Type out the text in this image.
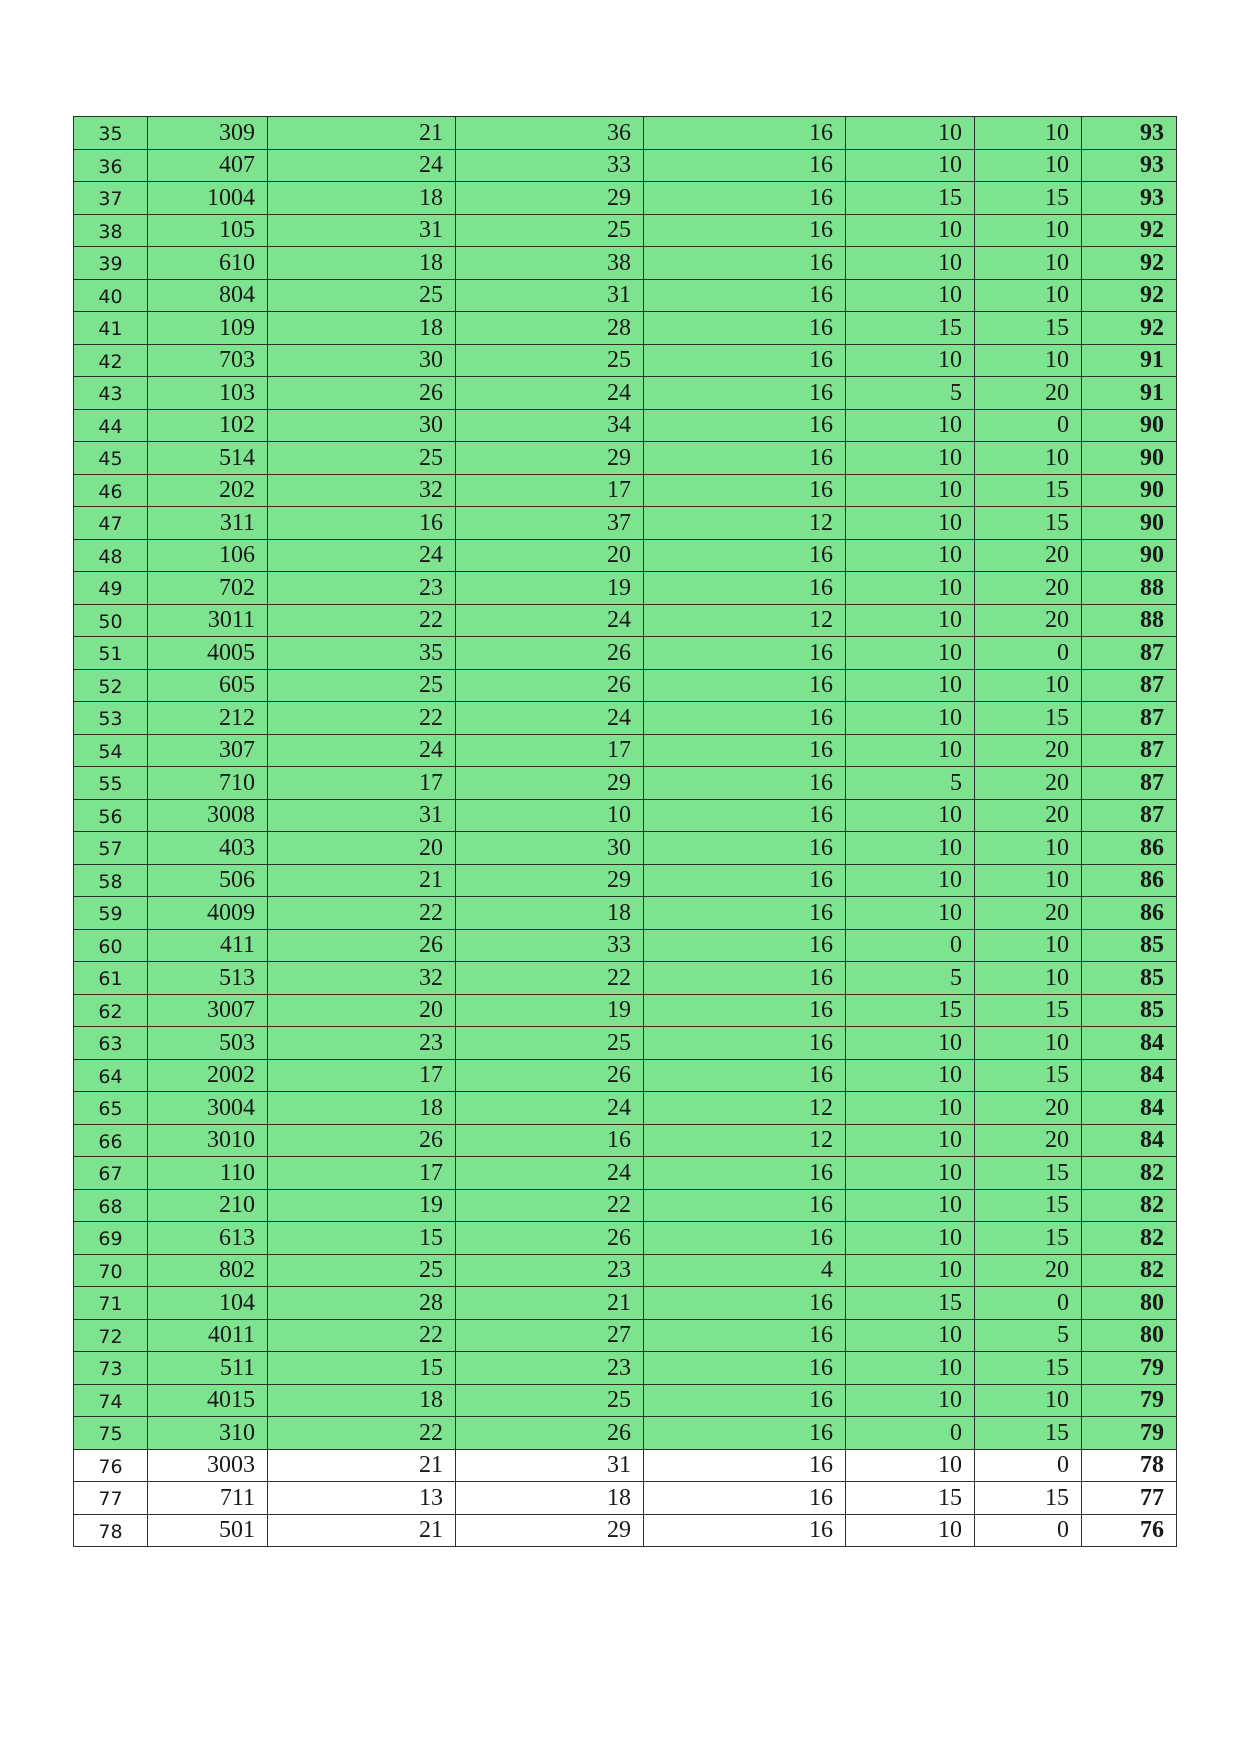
35	309	21	36	16	10	10	93
36	407	24	33	16	10	10	93
37	1004	18	29	16	15	15	93
38	105	31	25	16	10	10	92
39	610	18	38	16	10	10	92
40	804	25	31	16	10	10	92
41	109	18	28	16	15	15	92
42	703	30	25	16	10	10	91
43	103	26	24	16	5	20	91
44	102	30	34	16	10	0	90
45	514	25	29	16	10	10	90
46	202	32	17	16	10	15	90
47	311	16	37	12	10	15	90
48	106	24	20	16	10	20	90
49	702	23	19	16	10	20	88
50	3011	22	24	12	10	20	88
51	4005	35	26	16	10	0	87
52	605	25	26	16	10	10	87
53	212	22	24	16	10	15	87
54	307	24	17	16	10	20	87
55	710	17	29	16	5	20	87
56	3008	31	10	16	10	20	87
57	403	20	30	16	10	10	86
58	506	21	29	16	10	10	86
59	4009	22	18	16	10	20	86
60	411	26	33	16	0	10	85
61	513	32	22	16	5	10	85
62	3007	20	19	16	15	15	85
63	503	23	25	16	10	10	84
64	2002	17	26	16	10	15	84
65	3004	18	24	12	10	20	84
66	3010	26	16	12	10	20	84
67	110	17	24	16	10	15	82
68	210	19	22	16	10	15	82
69	613	15	26	16	10	15	82
70	802	25	23	4	10	20	82
71	104	28	21	16	15	0	80
72	4011	22	27	16	10	5	80
73	511	15	23	16	10	15	79
74	4015	18	25	16	10	10	79
75	310	22	26	16	0	15	79
76	3003	21	31	16	10	0	78
77	711	13	18	16	15	15	77
78	501	21	29	16	10	0	76
